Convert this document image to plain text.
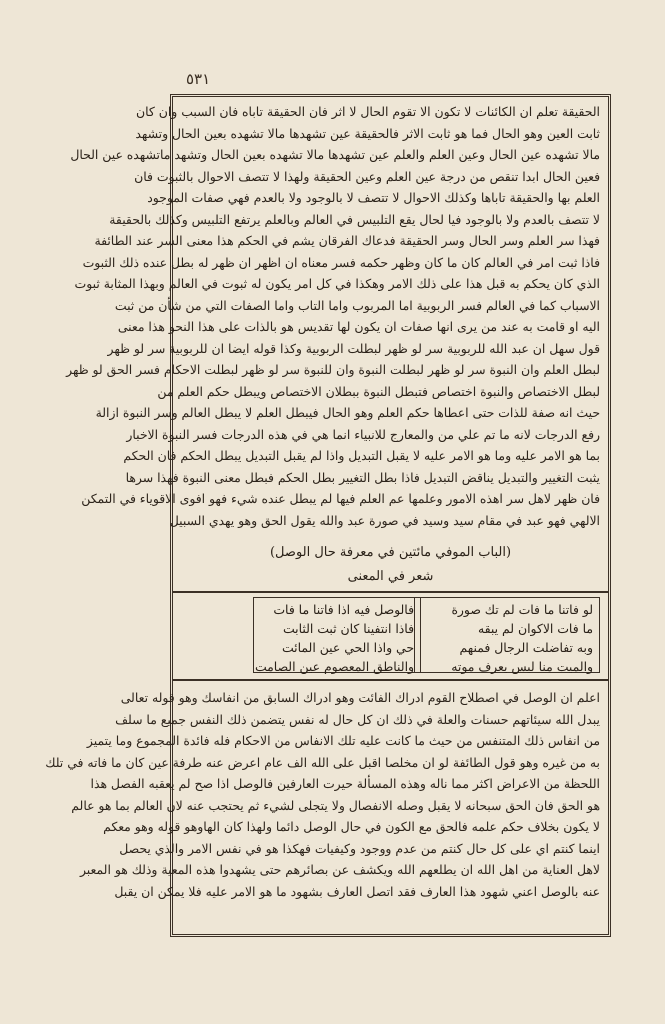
٥٣١
الحقيقة تعلم ان الكائنات لا تكون الا تقوم الحال لا اثر فان الحقيقة تاباه فان السبب وان كان
ثابت العين وهو الحال فما هو ثابت الاثر فالحقيقة عين تشهدها مالا تشهده بعين الحال وتشهد
مالا تشهده عين الحال وعين العلم والعلم عين تشهدها مالا تشهده بعين الحال وتشهد ماتشهده عين الحال
فعين الحال ابدا تنقص من درجة عين العلم وعين الحقيقة ولهذا لا تتصف الاحوال بالثبوت فان
العلم بها والحقيقة تاباها وكذلك الاحوال لا تتصف لا بالوجود ولا بالعدم فهي صفات الموجود
لا تتصف بالعدم ولا بالوجود فيا لحال يقع التلبيس في العالم وبالعلم يرتفع التلبيس وكذلك بالحقيقة
فهذا سر العلم وسر الحال وسر الحقيقة فدعاك الفرقان يشم في الحكم هذا معنى السر عند الطائفة
فاذا ثبت امر في العالم كان ما كان وظهر حكمه فسر معناه ان اظهر ان ظهر له بطل عنده ذلك الثبوت
الذي كان يحكم به قبل هذا على ذلك الامر وهكذا في كل امر يكون له ثبوت في العالم وبهذا المثابة ثبوت
الاسباب كما في العالم فسر الربوبية اما المربوب واما التاب واما الصفات التي من شأن من ثبت
اليه او قامت به عند من يرى انها صفات ان يكون لها تقديس هو بالذات على هذا النحو هذا معنى
قول سهل ان عبد الله للربوبية سر لو ظهر لبطلت الربوبية وكذا قوله ايضا ان للربوبية سر لو ظهر
لبطل العلم وان النبوة سر لو ظهر لبطلت النبوة وان للنبوة سر لو ظهر لبطلت الاحكام فسر الحق لو ظهر
لبطل الاختصاص والنبوة اختصاص فتبطل النبوة ببطلان الاختصاص ويبطل حكم العلم من
حيث انه صفة للذات حتى اعطاها حكم العلم وهو الحال فيبطل العلم لا يبطل العالم وسر النبوة ازالة
رفع الدرجات لانه ما تم علي من والمعارج للانبياء انما هي في هذه الدرجات فسر النبوة الاخبار
بما هو الامر عليه وما هو الامر عليه لا يقبل التبديل واذا لم يقبل التبديل يبطل الحكم فان الحكم
يثبت التغيير والتبديل يناقض التبديل فاذا بطل التغيير بطل الحكم فبطل معنى النبوة فهذا سرها
فان ظهر لاهل سر اهذه الامور وعلمها عم العلم فيها لم يبطل عنده شيء فهو افوى الاقوياء في التمكن
الالهي فهو عبد في مقام سيد وسيد في صورة عبد والله يقول الحق وهو يهدي السبيل
(الباب الموفي مائتين في معرفة حال الوصل)
شعر في المعنى
لو فاتنا ما فات لم تك صورة
ما فات الاكوان لم يبقه
وبه تفاضلت الرجال فمنهم
والميت منا ليس يعرف موته
فالوصل فيه اذا فاتنا ما فات
فاذا انتفينا كان ثبت الثابت
حي واذا الحي عين المائت
والناطق المعصوم عين الصامت
اعلم ان الوصل في اصطلاح القوم ادراك الفائت وهو ادراك السابق من انفاسك وهو قوله تعالى
يبدل الله سيئاتهم حسنات والعلة في ذلك ان كل حال له نفس يتضمن ذلك النفس جميع ما سلف
من انفاس ذلك المتنفس من حيث ما كانت عليه تلك الانفاس من الاحكام فله فائدة المجموع وما يتميز
به من غيره وهو قول الطائفة لو ان مخلصا اقبل على الله الف عام اعرض عنه طرفة عين كان ما فاته في تلك
اللحظة من الاعراض اكثر مما ناله وهذه المسألة حيرت العارفين فالوصل اذا صح لم يعقبه الفصل هذا
هو الحق فان الحق سبحانه لا يقبل وصله الانفصال ولا يتجلى لشيء ثم يحتجب عنه لان العالم بما هو عالم
لا يكون بخلاف حكم علمه فالحق مع الكون في حال الوصل دائما ولهذا كان الهاوهو قوله وهو معكم
اينما كنتم اي على كل حال كنتم من عدم ووجود وكيفيات فهكذا هو في نفس الامر والذي يحصل
لاهل العناية من اهل الله ان يطلعهم الله ويكشف عن بصائرهم حتى يشهدوا هذه المعية وذلك هو المعبر
عنه بالوصل اعني شهود هذا العارف فقد اتصل العارف بشهود ما هو الامر عليه فلا يمكن ان يقبل
